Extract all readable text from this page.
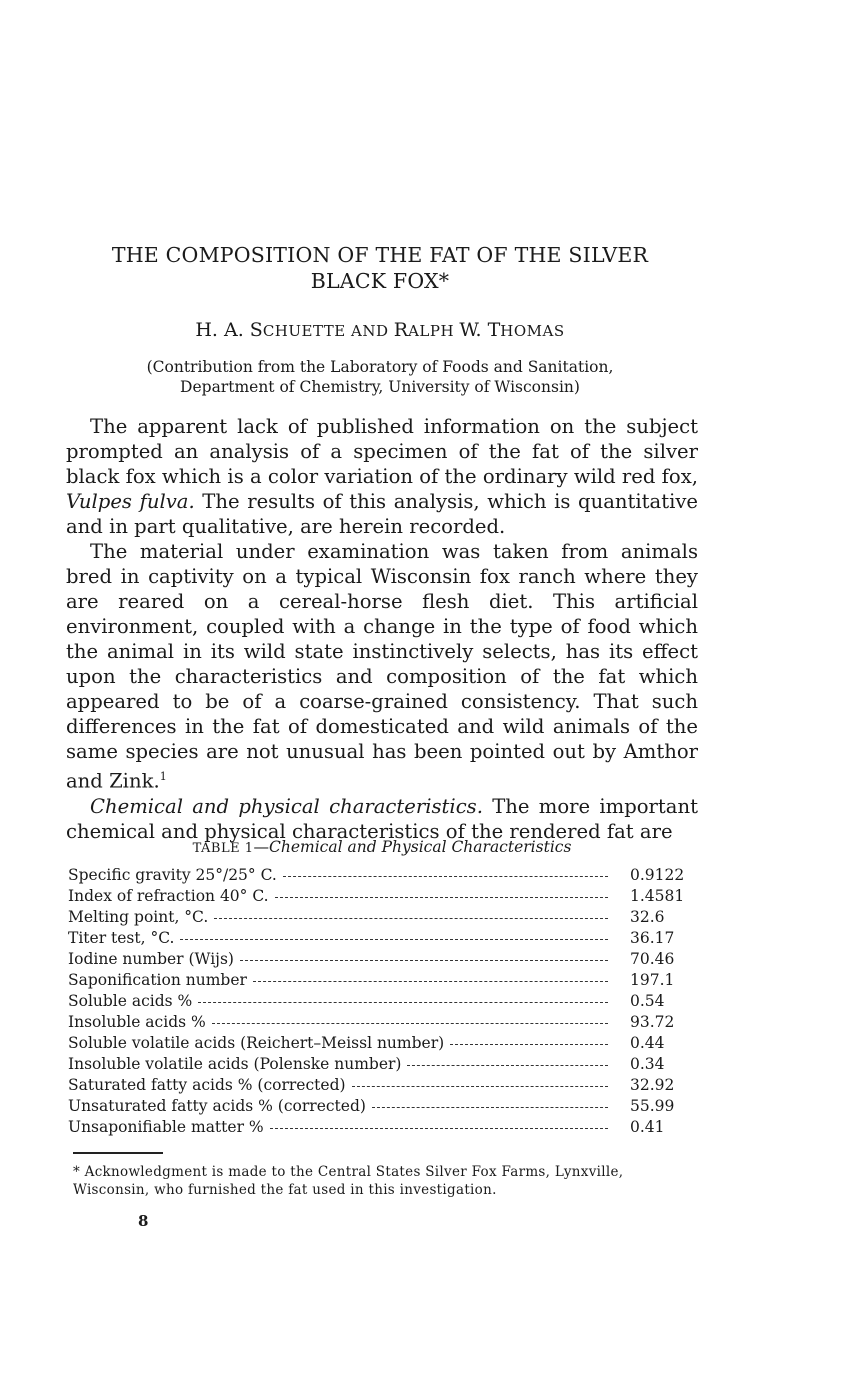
THE COMPOSITION OF THE FAT OF THE SILVER
BLACK FOX*
H. A. SCHUETTE AND RALPH W. THOMAS
(Contribution from the Laboratory of Foods and Sanitation,
Department of Chemistry, University of Wisconsin)

The apparent lack of published information on the subject prompted an analysis of a specimen of the fat of the silver black fox which is a color variation of the ordinary wild red fox, Vulpes fulva. The results of this analysis, which is quantitative and in part qualitative, are herein recorded.

The material under examination was taken from animals bred in captivity on a typical Wisconsin fox ranch where they are reared on a cereal-horse flesh diet. This artificial environment, coupled with a change in the type of food which the animal in its wild state instinctively selects, has its effect upon the characteristics and composition of the fat which appeared to be of a coarse-grained consistency. That such differences in the fat of domesticated and wild animals of the same species are not unusual has been pointed out by Amthor and Zink.$^1$

Chemical and physical characteristics. The more important chemical and physical characteristics of the rendered fat are

TABLE 1—Chemical and Physical Characteristics
Specific gravity 25°/25° C.	0.9122
Index of refraction 40° C.	1.4581
Melting point, °C.	32.6
Titer test, °C.	36.17
Iodine number (Wijs)	70.46
Saponification number	197.1
Soluble acids %	0.54
Insoluble acids %	93.72
Soluble volatile acids (Reichert–Meissl number)	0.44
Insoluble volatile acids (Polenske number)	0.34
Saturated fatty acids % (corrected)	32.92
Unsaturated fatty acids % (corrected)	55.99
Unsaponifiable matter %	0.41
* Acknowledgment is made to the Central States Silver Fox Farms, Lynxville, Wisconsin, who furnished the fat used in this investigation.
8
